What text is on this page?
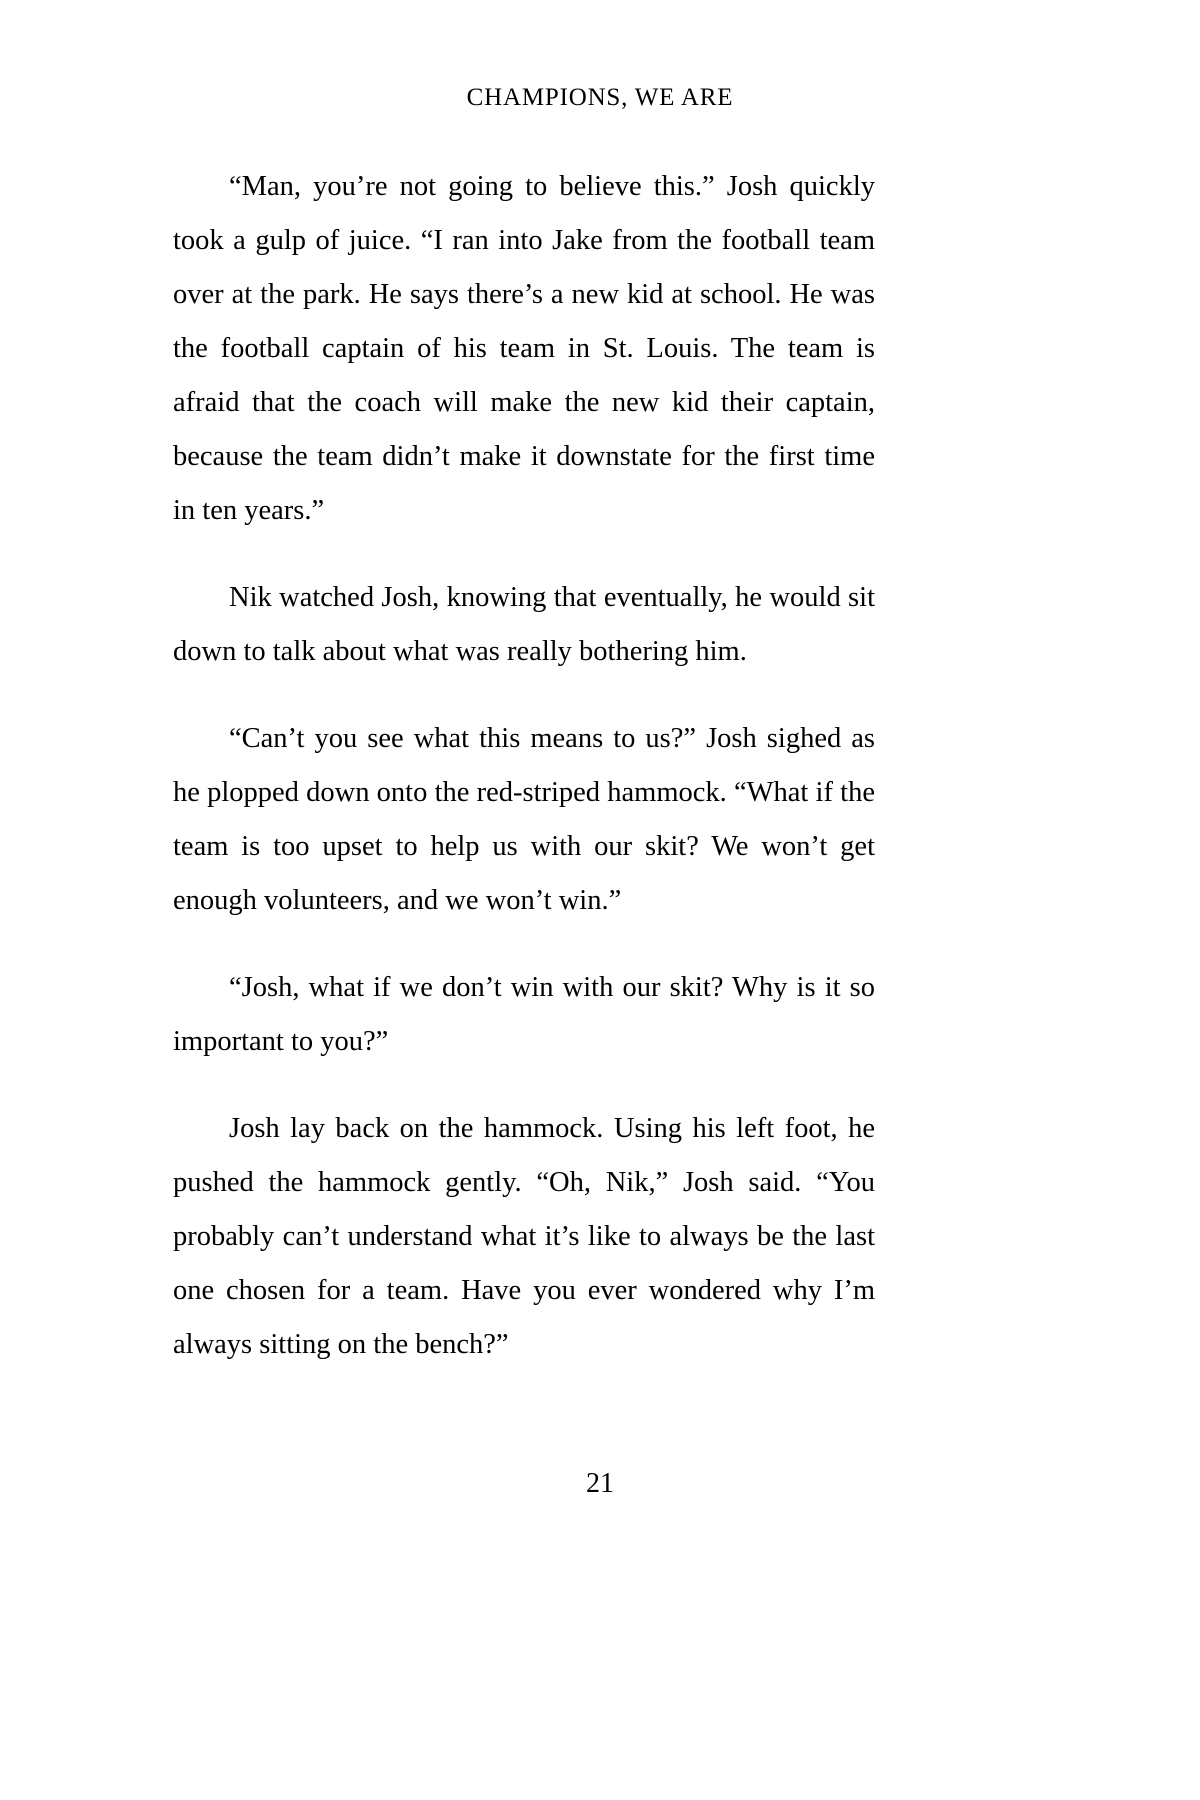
CHAMPIONS, WE ARE

“Man, you’re not going to believe this.” Josh quickly took a gulp of juice. “I ran into Jake from the football team over at the park. He says there’s a new kid at school. He was the football captain of his team in St. Louis. The team is afraid that the coach will make the new kid their captain, because the team didn’t make it downstate for the first time in ten years.”

Nik watched Josh, knowing that eventually, he would sit down to talk about what was really bothering him.

“Can’t you see what this means to us?” Josh sighed as he plopped down onto the red-striped hammock. “What if the team is too upset to help us with our skit? We won’t get enough volunteers, and we won’t win.”

“Josh, what if we don’t win with our skit? Why is it so important to you?”

Josh lay back on the hammock. Using his left foot, he pushed the hammock gently. “Oh, Nik,” Josh said. “You probably can’t understand what it’s like to always be the last one chosen for a team. Have you ever wondered why I’m always sitting on the bench?”

21
